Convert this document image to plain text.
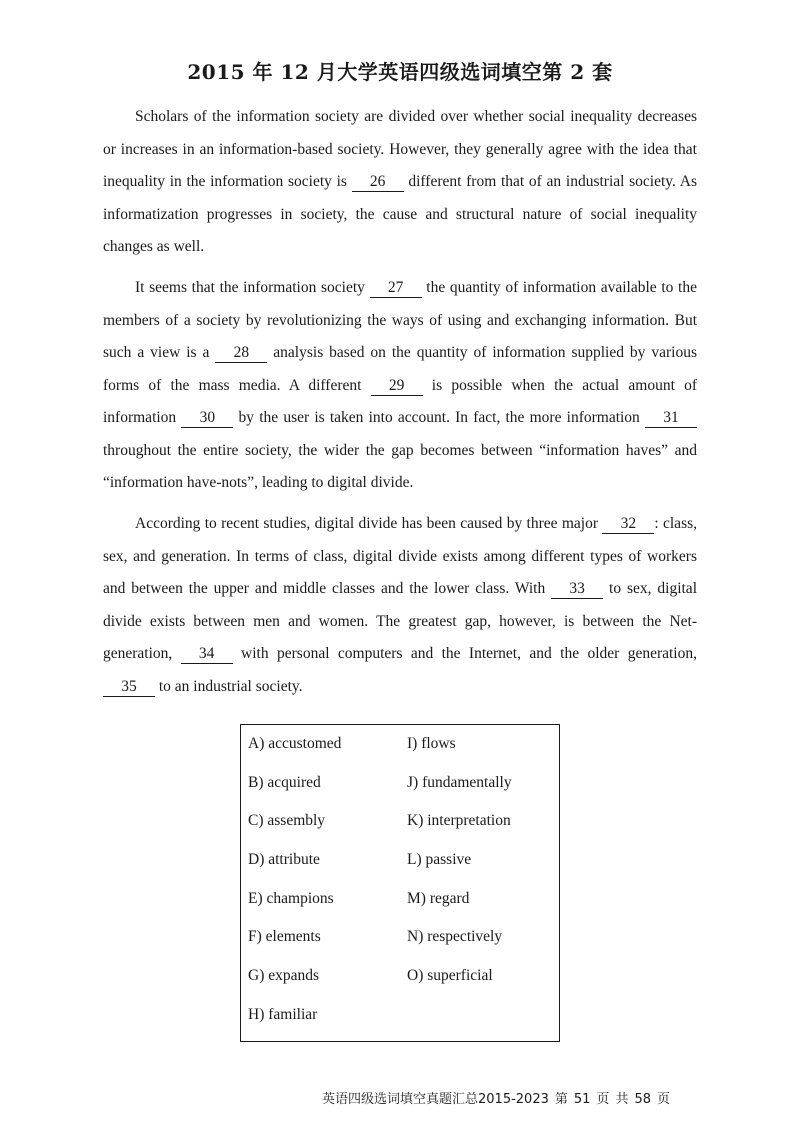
2015 年 12 月大学英语四级选词填空第 2 套

Scholars of the information society are divided over whether social inequality decreases or increases in an information-based society. However, they generally agree with the idea that inequality in the information society is 26 different from that of an industrial society. As informatization progresses in society, the cause and structural nature of social inequality changes as well.

It seems that the information society 27 the quantity of information available to the members of a society by revolutionizing the ways of using and exchanging information. But such a view is a 28 analysis based on the quantity of information supplied by various forms of the mass media. A different 29 is possible when the actual amount of information 30 by the user is taken into account. In fact, the more information 31 throughout the entire society, the wider the gap becomes between “information haves” and “information have-nots”, leading to digital divide.

According to recent studies, digital divide has been caused by three major 32 : class, sex, and generation. In terms of class, digital divide exists among different types of workers and between the upper and middle classes and the lower class. With 33 to sex, digital divide exists between men and women. The greatest gap, however, is between the Net-generation, 34 with personal computers and the Internet, and the older generation, 35 to an industrial society.

A) accustomed
B) acquired
C) assembly
D) attribute
E) champions
F) elements
G) expands
H) familiar
I) flows
J) fundamentally
K) interpretation
L) passive
M) regard
N) respectively
O) superficial
英语四级选词填空真题汇总2015-2023 第 51 页 共 58 页
